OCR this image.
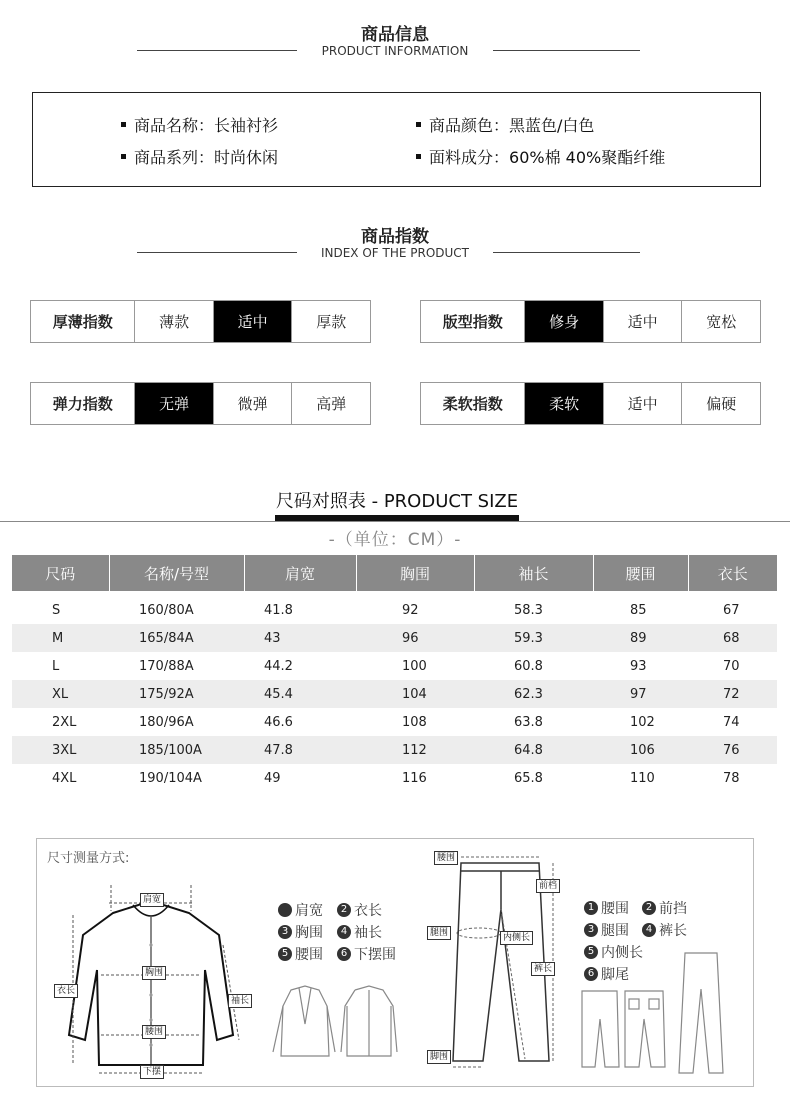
商品信息
PRODUCT INFORMATION
商品名称：长袖衬衫	商品颜色：黑蓝色/白色
商品系列：时尚休闲	面料成分：60%棉 40%聚酯纤维
商品指数
INDEX OF THE PRODUCT
厚薄指数	薄款	适中	厚款	版型指数	修身	适中	宽松
弹力指数	无弹	微弹	高弹	柔软指数	柔软	适中	偏硬
尺码对照表 - PRODUCT SIZE
-（单位：CM）-
尺码	名称/号型	肩宽	胸围	袖长	腰围	衣长

S	160/80A	41.8	92	58.3	85	67
M	165/84A	43	96	59.3	89	68
L	170/88A	44.2	100	60.8	93	70
XL	175/92A	45.4	104	62.3	97	72
2XL	180/96A	46.6	108	63.8	102	74
3XL	185/100A	47.8	112	64.8	106	76
4XL	190/104A	49	116	65.8	110	78
尺寸测量方式:
肩宽
胸围
腰围
下摆
衣长
袖长
肩宽	2 衣长
3 胸围	4 袖长
5 腰围	6 下摆围
腰围
前档
腿围	内侧长
裤长
脚围
1 腰围	2 前挡
3 腿围	4 裤长
5 内侧长
6 脚尾
